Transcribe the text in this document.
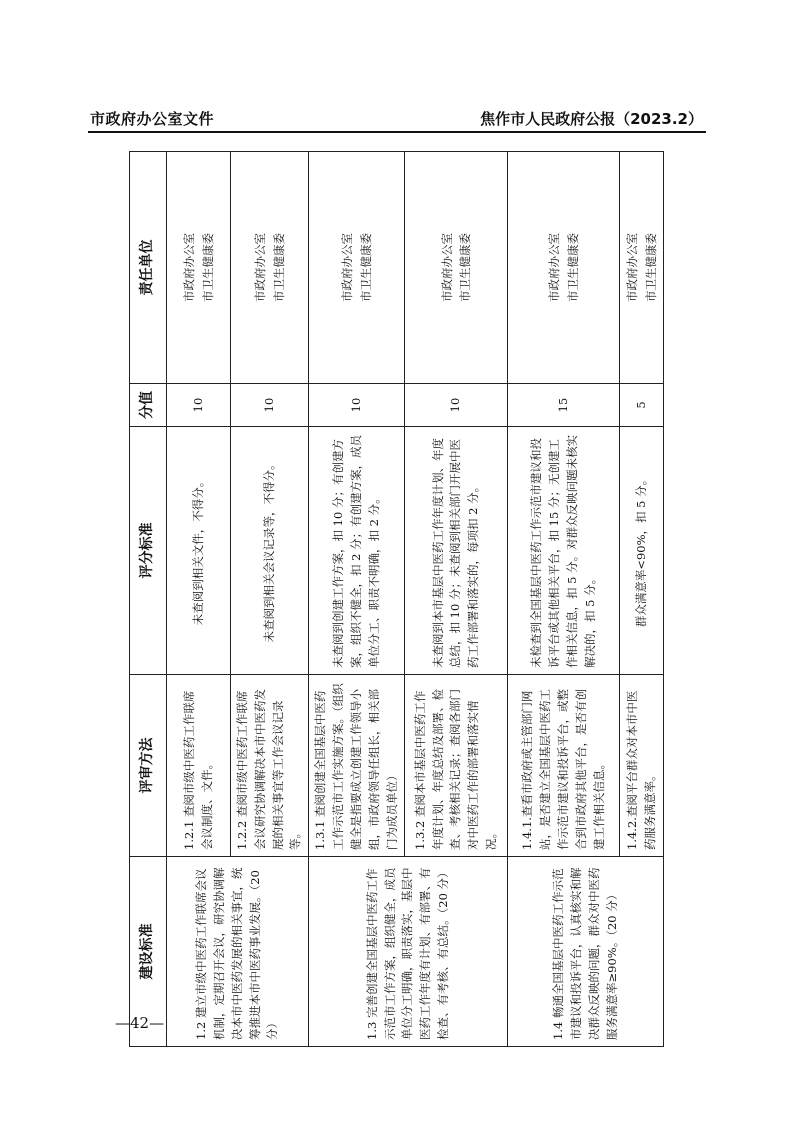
市政府办公室文件	焦作市人民政府公报（2023.2）
建设标准	评审方法	评分标准	分值	责任单位
1.2 建立市级中医药工作联席会议机制，定期召开会议，研究协调解决本市中医药发展的相关事宜，统筹推进本市中医药事业发展。（20 分）	1.2.1 查阅市级中医药工作联席会议制度、文件。	未查阅到相关文件，不得分。	10	市政府办公室 市卫生健康委

	1.2.2 查阅市级中医药工作联席会议研究协调解决本市中医药发展的相关事宜等工作会议记录等。	未查阅到相关会议记录等，不得分。	10	市政府办公室 市卫生健康委

1.3 完善创建全国基层中医药工作示范市工作方案，组织健全，成员单位分工明确，职责落实，基层中医药工作年度有计划、有部署、有检查、有考核、有总结。（20 分）	1.3.1 查阅创建全国基层中医药工作示范市工作实施方案。（组织健全是指要成立创建工作领导小组，市政府领导任组长，相关部门为成员单位）	未查阅到创建工作方案，扣 10 分；有创建方案，组织不健全，扣 2 分；有创建方案，成员单位分工、职责不明确，扣 2 分。	10	市政府办公室 市卫生健康委

	1.3.2 查阅本市基层中医药工作年度计划、年度总结及部署、检查、考核相关记录；查阅各部门对中医药工作的部署和落实情况。	未查阅到本市基层中医药工作年度计划、年度总结，扣 10 分；未查阅到相关部门开展中医药工作部署和落实的，每项扣 2 分。	10	市政府办公室 市卫生健康委

1.4 畅通全国基层中医药工作示范市建议和投诉平台，认真核实和解决群众反映的问题，群众对中医药服务满意率≥90%。（20 分）	1.4.1.查看市政府或主管部门网站，是否建立全国基层中医药工作示范市建议和投诉平台，或整合到市政府其他平台，是否有创建工作相关信息。	未检查到全国基层中医药工作示范市建议和投诉平台或其他相关平台，扣 15 分；无创建工作相关信息，扣 5 分。对群众反映问题未核实解决的，扣 5 分。	15	市政府办公室 市卫生健康委

	1.4.2.查阅平台群众对本市中医药服务满意率。	群众满意率<90%，扣 5 分。	5	市政府办公室 市卫生健康委
—42—
